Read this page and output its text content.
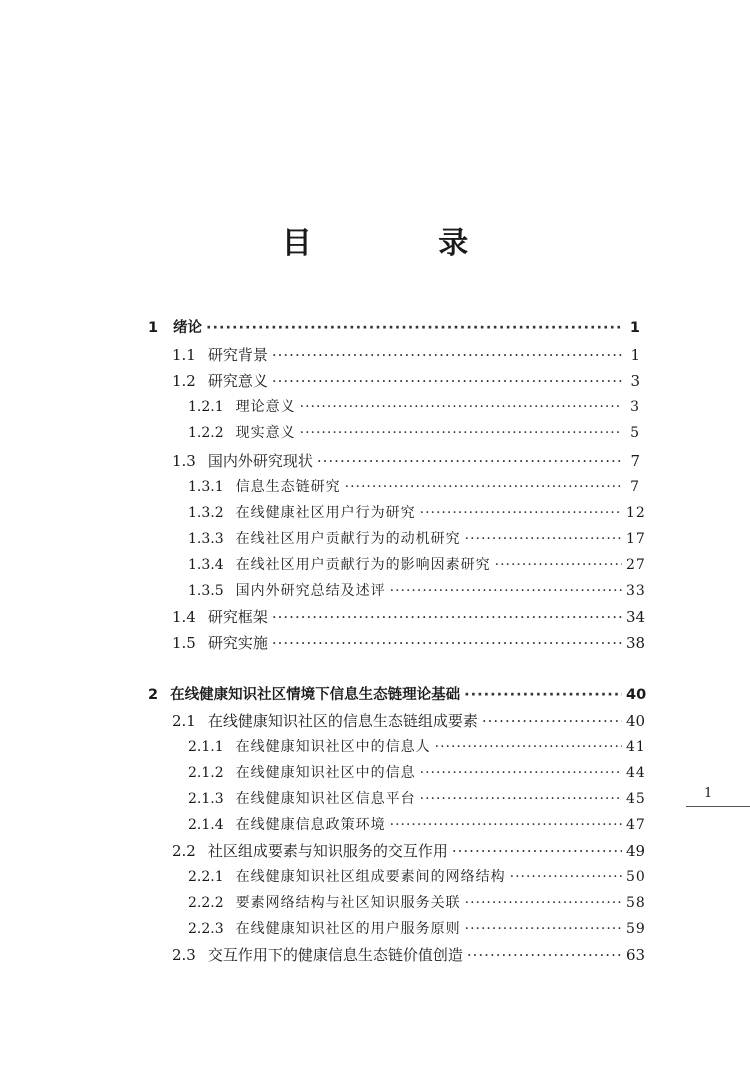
目 录
1	绪论 ·····	1
1.1 研究背景 ·····	1
1.2 研究意义 ·····	3
1.2.1 理论意义 ·····	3
1.2.2 现实意义 ·····	5
1.3 国内外研究现状 ·····	7
1.3.1 信息生态链研究 ·····	7
1.3.2 在线健康社区用户行为研究 ·····	12
1.3.3 在线社区用户贡献行为的动机研究 ·····	17
1.3.4 在线社区用户贡献行为的影响因素研究 ·····	27
1.3.5 国内外研究总结及述评 ·····	33
1.4 研究框架 ·····	34
1.5 研究实施 ·····	38
2 在线健康知识社区情境下信息生态链理论基础 ·····	40
2.1 在线健康知识社区的信息生态链组成要素 ·····	40
2.1.1 在线健康知识社区中的信息人 ·····	41
2.1.2 在线健康知识社区中的信息 ·····	44
2.1.3 在线健康知识社区信息平台 ·····	45
2.1.4 在线健康信息政策环境 ·····	47
2.2 社区组成要素与知识服务的交互作用 ·····	49
2.2.1 在线健康知识社区组成要素间的网络结构 ·····	50
2.2.2 要素网络结构与社区知识服务关联 ·····	58
2.2.3 在线健康知识社区的用户服务原则 ·····	59
2.3 交互作用下的健康信息生态链价值创造 ·····	63
1
